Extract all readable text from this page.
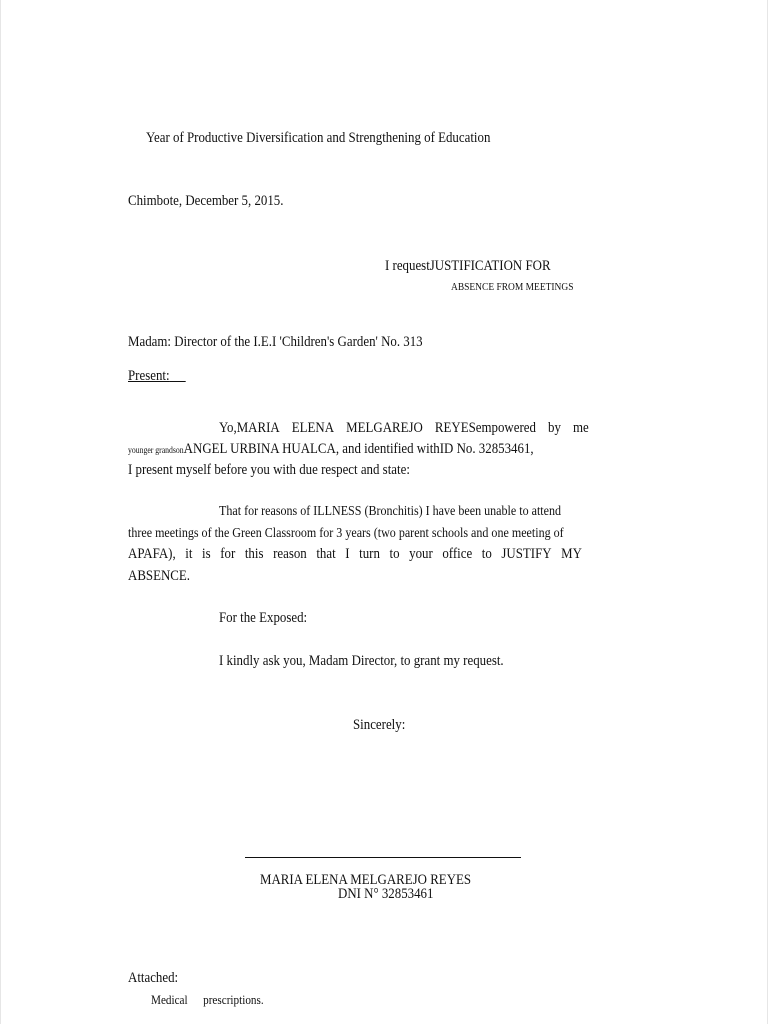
Year of Productive Diversification and Strengthening of Education
Chimbote, December 5, 2015.
I requestJUSTIFICATION FOR
ABSENCE FROM MEETINGS
Madam: Director of the I.E.I 'Children's Garden' No. 313
Present:
Yo,MARIA ELENA MELGAREJO REYESempowered by me
younger grandsonANGEL URBINA HUALCA, and identified withID No. 32853461,
I present myself before you with due respect and state:
That for reasons of ILLNESS (Bronchitis) I have been unable to attend
three meetings of the Green Classroom for 3 years (two parent schools and one meeting of
APAFA), it is for this reason that I turn to your office to JUSTIFY MY
ABSENCE.
For the Exposed:
I kindly ask you, Madam Director, to grant my request.
Sincerely:
MARIA ELENA MELGAREJO REYES
DNI N° 32853461
Attached:
Medical prescriptions.
